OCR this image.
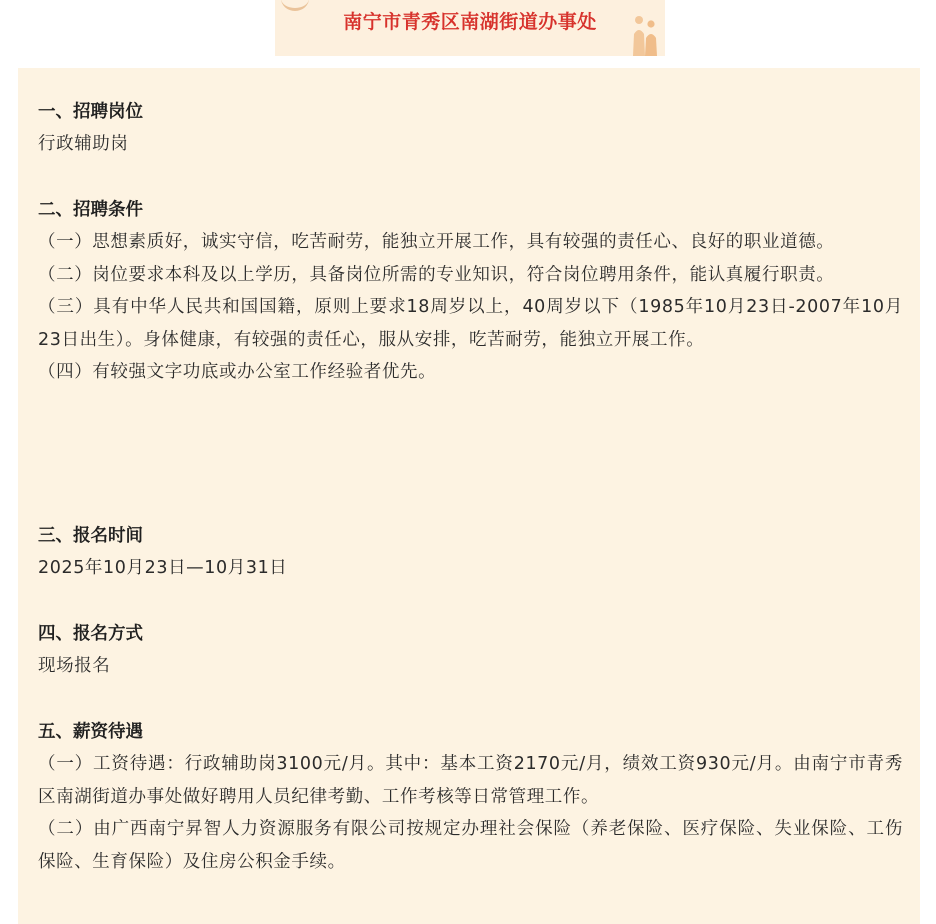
南宁市青秀区南湖街道办事处
一、招聘岗位
行政辅助岗
二、招聘条件
（一）思想素质好，诚实守信，吃苦耐劳，能独立开展工作，具有较强的责任心、良好的职业道德。
（二）岗位要求本科及以上学历，具备岗位所需的专业知识，符合岗位聘用条件，能认真履行职责。
（三）具有中华人民共和国国籍，原则上要求18周岁以上，40周岁以下（1985年10月23日-2007年10月23日出生）。身体健康，有较强的责任心，服从安排，吃苦耐劳，能独立开展工作。
（四）有较强文字功底或办公室工作经验者优先。
三、报名时间
2025年10月23日—10月31日
四、报名方式
现场报名
五、薪资待遇
（一）工资待遇：行政辅助岗3100元/月。其中：基本工资2170元/月，绩效工资930元/月。由南宁市青秀区南湖街道办事处做好聘用人员纪律考勤、工作考核等日常管理工作。
（二）由广西南宁昇智人力资源服务有限公司按规定办理社会保险（养老保险、医疗保险、失业保险、工伤保险、生育保险）及住房公积金手续。
